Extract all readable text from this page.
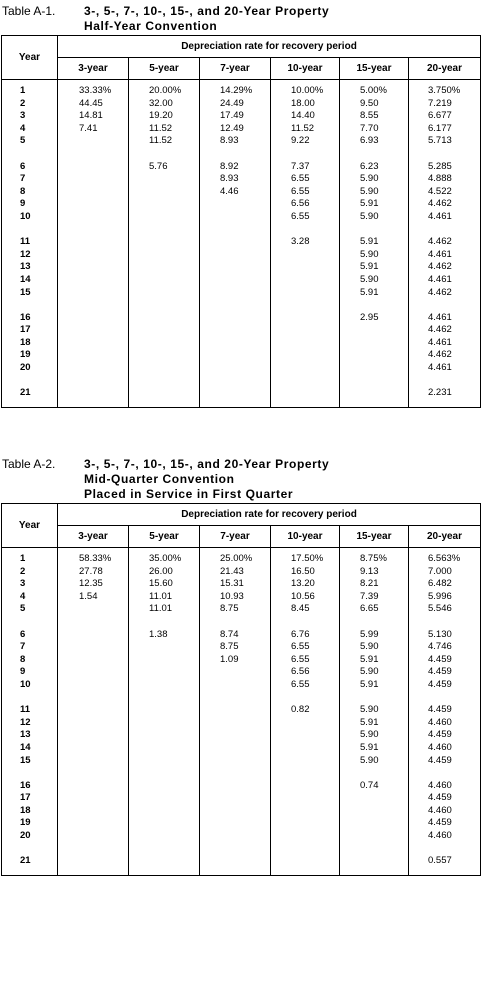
Table A-1. 3-, 5-, 7-, 10-, 15-, and 20-Year Property
Half-Year Convention
Year	Depreciation rate for recovery period					
	3-year	5-year	7-year	10-year	15-year	20-year
1	33.33%	20.00%	14.29%	10.00%	5.00%	3.750%
2	44.45	32.00	24.49	18.00	9.50	7.219
3	14.81	19.20	17.49	14.40	8.55	6.677
4	7.41	11.52	12.49	11.52	7.70	6.177
5		11.52	8.93	9.22	6.93	5.713

6		5.76	8.92	7.37	6.23	5.285
7			8.93	6.55	5.90	4.888
8			4.46	6.55	5.90	4.522
9				6.56	5.91	4.462
10				6.55	5.90	4.461

11				3.28	5.91	4.462
12					5.90	4.461
13					5.91	4.462
14					5.90	4.461
15					5.91	4.462

16					2.95	4.461
17						4.462
18						4.461
19						4.462
20						4.461

21						2.231
Table A-2. 3-, 5-, 7-, 10-, 15-, and 20-Year Property
Mid-Quarter Convention
Placed in Service in First Quarter
Year	Depreciation rate for recovery period					
	3-year	5-year	7-year	10-year	15-year	20-year
1	58.33%	35.00%	25.00%	17.50%	8.75%	6.563%
2	27.78	26.00	21.43	16.50	9.13	7.000
3	12.35	15.60	15.31	13.20	8.21	6.482
4	1.54	11.01	10.93	10.56	7.39	5.996
5		11.01	8.75	8.45	6.65	5.546

6		1.38	8.74	6.76	5.99	5.130
7			8.75	6.55	5.90	4.746
8			1.09	6.55	5.91	4.459
9				6.56	5.90	4.459
10				6.55	5.91	4.459

11				0.82	5.90	4.459
12					5.91	4.460
13					5.90	4.459
14					5.91	4.460
15					5.90	4.459

16					0.74	4.460
17						4.459
18						4.460
19						4.459
20						4.460

21						0.557
